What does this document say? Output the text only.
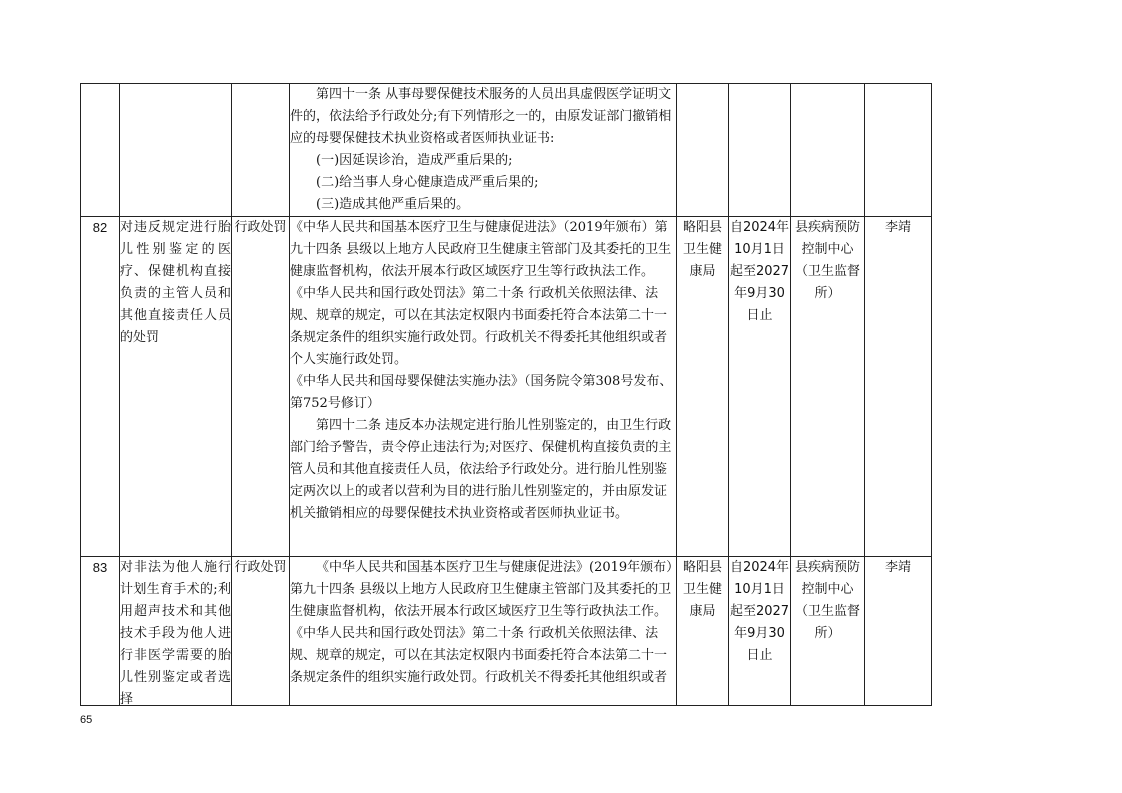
			第四十一条 从事母婴保健技术服务的人员出具虚假医学证明文件的，依法给予行政处分;有下列情形之一的，由原发证部门撤销相应的母婴保健技术执业资格或者医师执业证书:

(一)因延误诊治，造成严重后果的;

(二)给当事人身心健康造成严重后果的;

(三)造成其他严重后果的。				

82	对违反规定进行胎儿性别鉴定的医疗、保健机构直接负责的主管人员和其他直接责任人员的处罚	行政处罚	《中华人民共和国基本医疗卫生与健康促进法》（2019年颁布）第九十四条 县级以上地方人民政府卫生健康主管部门及其委托的卫生健康监督机构，依法开展本行政区域医疗卫生等行政执法工作。

《中华人民共和国行政处罚法》第二十条 行政机关依照法律、法规、规章的规定，可以在其法定权限内书面委托符合本法第二十一条规定条件的组织实施行政处罚。行政机关不得委托其他组织或者个人实施行政处罚。

《中华人民共和国母婴保健法实施办法》（国务院令第308号发布、第752号修订）

第四十二条 违反本办法规定进行胎儿性别鉴定的，由卫生行政部门给予警告，责令停止违法行为;对医疗、保健机构直接负责的主管人员和其他直接责任人员，依法给予行政处分。进行胎儿性别鉴定两次以上的或者以营利为目的进行胎儿性别鉴定的，并由原发证机关撤销相应的母婴保健技术执业资格或者医师执业证书。	略阳县卫生健康局	自2024年10月1日起至2027年9月30日止	县疾病预防控制中心（卫生监督所）	李靖
83	对非法为他人施行计划生育手术的;利用超声技术和其他技术手段为他人进行非医学需要的胎儿性别鉴定或者选择	行政处罚	《中华人民共和国基本医疗卫生与健康促进法》(2019年颁布）第九十四条 县级以上地方人民政府卫生健康主管部门及其委托的卫生健康监督机构，依法开展本行政区域医疗卫生等行政执法工作。

《中华人民共和国行政处罚法》第二十条 行政机关依照法律、法规、规章的规定，可以在其法定权限内书面委托符合本法第二十一条规定条件的组织实施行政处罚。行政机关不得委托其他组织或者	略阳县卫生健康局	自2024年10月1日起至2027年9月30日止	县疾病预防控制中心（卫生监督所）	李靖
65
